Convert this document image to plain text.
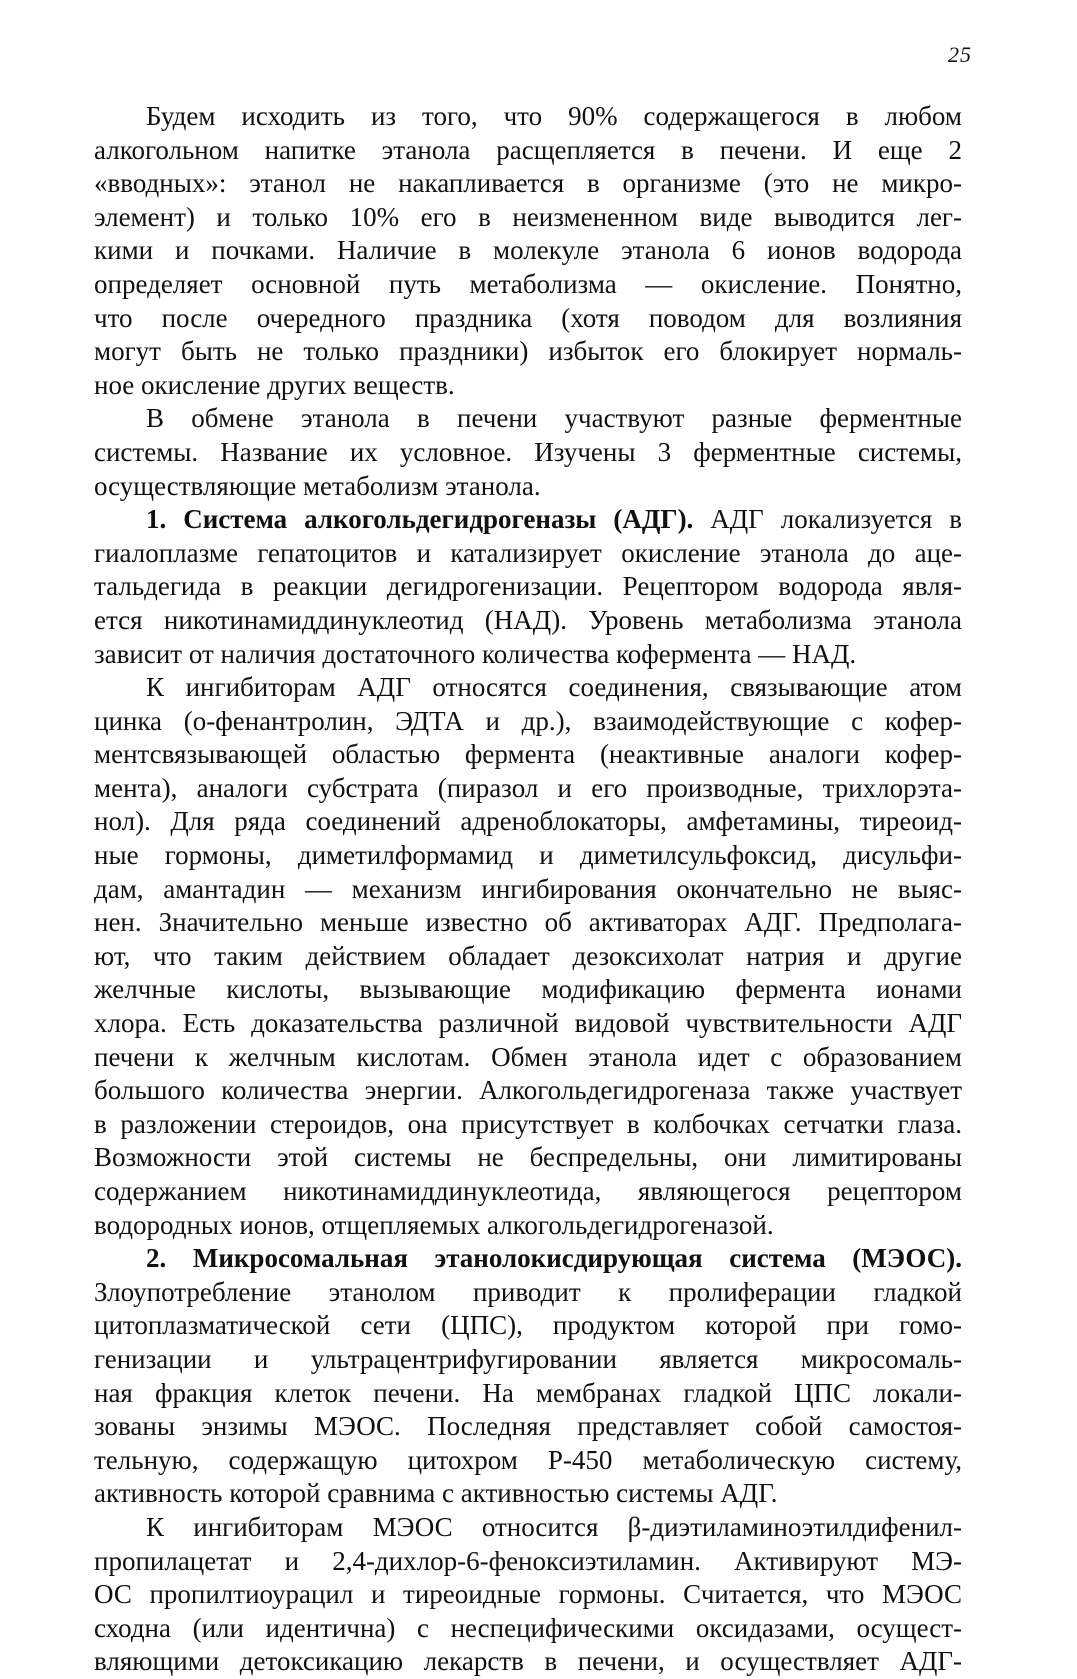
25
Будем исходить из того, что 90% содержащегося в любом
алкогольном напитке этанола расщепляется в печени. И еще 2
«вводных»: этанол не накапливается в организме (это не микро-
элемент) и только 10% его в неизмененном виде выводится лег-
кими и почками. Наличие в молекуле этанола 6 ионов водорода
определяет основной путь метаболизма — окисление. Понятно,
что после очередного праздника (хотя поводом для возлияния
могут быть не только праздники) избыток его блокирует нормаль-
ное окисление других веществ.
В обмене этанола в печени участвуют разные ферментные
системы. Название их условное. Изучены 3 ферментные системы,
осуществляющие метаболизм этанола.
1. Система алкогольдегидрогеназы (АДГ). АДГ локализуется в
гиалоплазме гепатоцитов и катализирует окисление этанола до аце-
тальдегида в реакции дегидрогенизации. Рецептором водорода явля-
ется никотинамиддинуклеотид (НАД). Уровень метаболизма этанола
зависит от наличия достаточного количества кофермента — НАД.
К ингибиторам АДГ относятся соединения, связывающие атом
цинка (о-фенантролин, ЭДТА и др.), взаимодействующие с кофер-
ментсвязывающей областью фермента (неактивные аналоги кофер-
мента), аналоги субстрата (пиразол и его производные, трихлорэта-
нол). Для ряда соединений адреноблокаторы, амфетамины, тиреоид-
ные гормоны, диметилформамид и диметилсульфоксид, дисульфи-
дам, амантадин — механизм ингибирования окончательно не выяс-
нен. Значительно меньше известно об активаторах АДГ. Предполага-
ют, что таким действием обладает дезоксихолат натрия и другие
желчные кислоты, вызывающие модификацию фермента ионами
хлора. Есть доказательства различной видовой чувствительности АДГ
печени к желчным кислотам. Обмен этанола идет с образованием
большого количества энергии. Алкогольдегидрогеназа также участвует
в разложении стероидов, она присутствует в колбочках сетчатки глаза.
Возможности этой системы не беспредельны, они лимитированы
содержанием никотинамиддинуклеотида, являющегося рецептором
водородных ионов, отщепляемых алкогольдегидрогеназой.
2. Микросомальная этанолокисдирующая система (МЭОС).
Злоупотребление этанолом приводит к пролиферации гладкой
цитоплазматической сети (ЦПС), продуктом которой при гомо-
генизации и ультрацентрифугировании является микросомаль-
ная фракция клеток печени. На мембранах гладкой ЦПС локали-
зованы энзимы МЭОС. Последняя представляет собой самостоя-
тельную, содержащую цитохром Р-450 метаболическую систему,
активность которой сравнима с активностью системы АДГ.
К ингибиторам МЭОС относится β-диэтиламиноэтилдифенил-
пропилацетат и 2,4-дихлор-6-феноксиэтиламин. Активируют МЭ-
ОС пропилтиоурацил и тиреоидные гормоны. Считается, что МЭОС
сходна (или идентична) с неспецифическими оксидазами, осущест-
вляющими детоксикацию лекарств в печени, и осуществляет АДГ-
